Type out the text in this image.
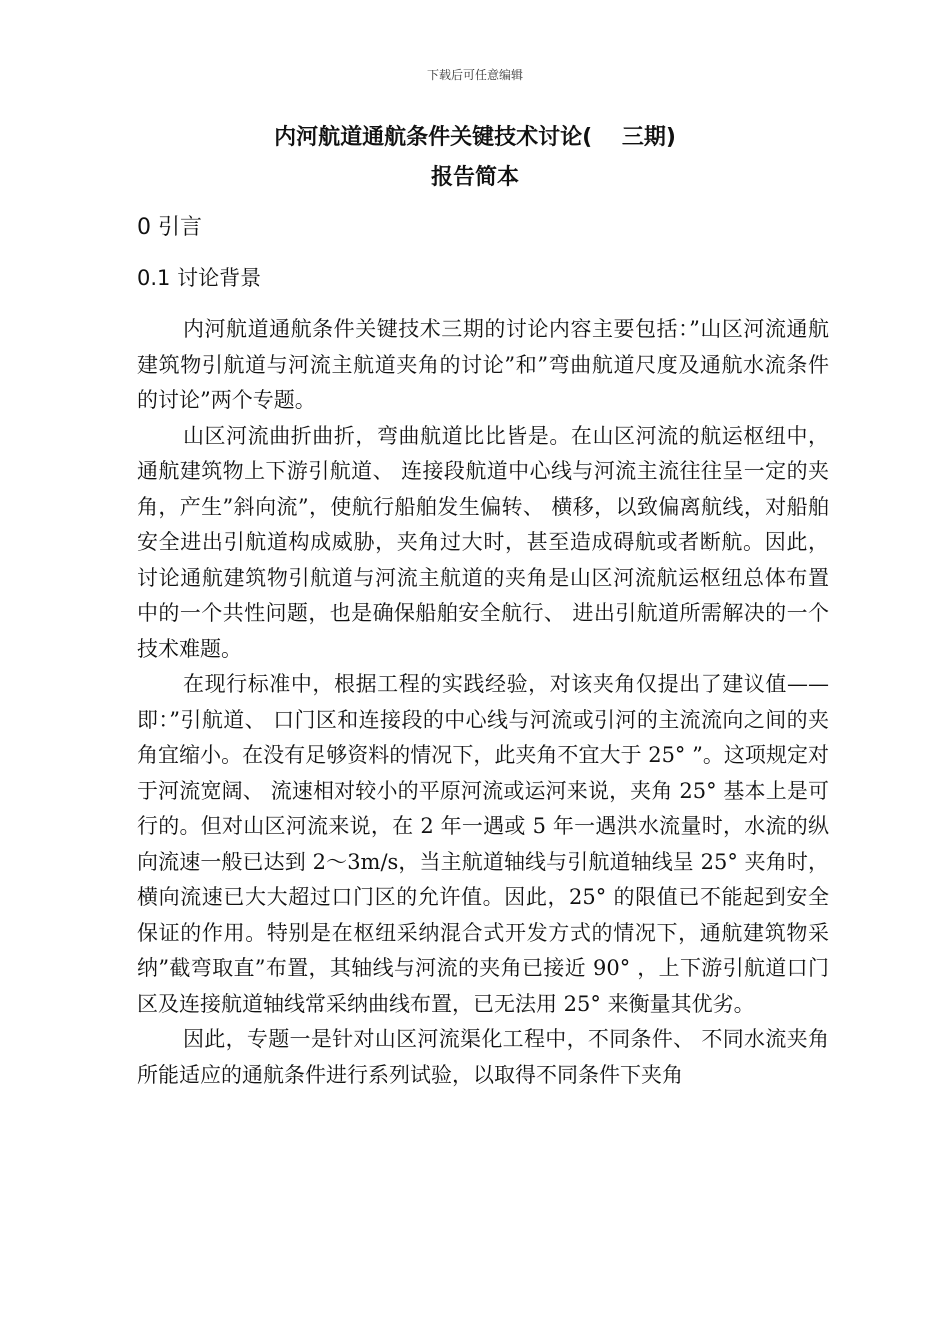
下载后可任意编辑
内河航道通航条件关键技术讨论(　 三期)
报告简本
0 引言
0.1 讨论背景

内河航道通航条件关键技术三期的讨论内容主要包括：”山区河流通航建筑物引航道与河流主航道夹角的讨论”和”弯曲航道尺度及通航水流条件的讨论”两个专题。

山区河流曲折曲折，弯曲航道比比皆是。在山区河流的航运枢纽中，通航建筑物上下游引航道、 连接段航道中心线与河流主流往往呈一定的夹角，产生”斜向流”，使航行船舶发生偏转、 横移，以致偏离航线，对船舶安全进出引航道构成威胁，夹角过大时，甚至造成碍航或者断航。因此，讨论通航建筑物引航道与河流主航道的夹角是山区河流航运枢纽总体布置中的一个共性问题，也是确保船舶安全航行、 进出引航道所需解决的一个技术难题。

在现行标准中，根据工程的实践经验，对该夹角仅提出了建议值——即：”引航道、 口门区和连接段的中心线与河流或引河的主流流向之间的夹角宜缩小。在没有足够资料的情况下，此夹角不宜大于 25° ”。这项规定对于河流宽阔、 流速相对较小的平原河流或运河来说，夹角 25° 基本上是可行的。但对山区河流来说，在 2 年一遇或 5 年一遇洪水流量时，水流的纵向流速一般已达到 2～3m/s，当主航道轴线与引航道轴线呈 25° 夹角时，横向流速已大大超过口门区的允许值。因此，25° 的限值已不能起到安全保证的作用。特别是在枢纽采纳混合式开发方式的情况下，通航建筑物采纳”截弯取直”布置，其轴线与河流的夹角已接近 90° ，上下游引航道口门区及连接航道轴线常采纳曲线布置，已无法用 25° 来衡量其优劣。

因此，专题一是针对山区河流渠化工程中，不同条件、 不同水流夹角所能适应的通航条件进行系列试验，以取得不同条件下夹角
